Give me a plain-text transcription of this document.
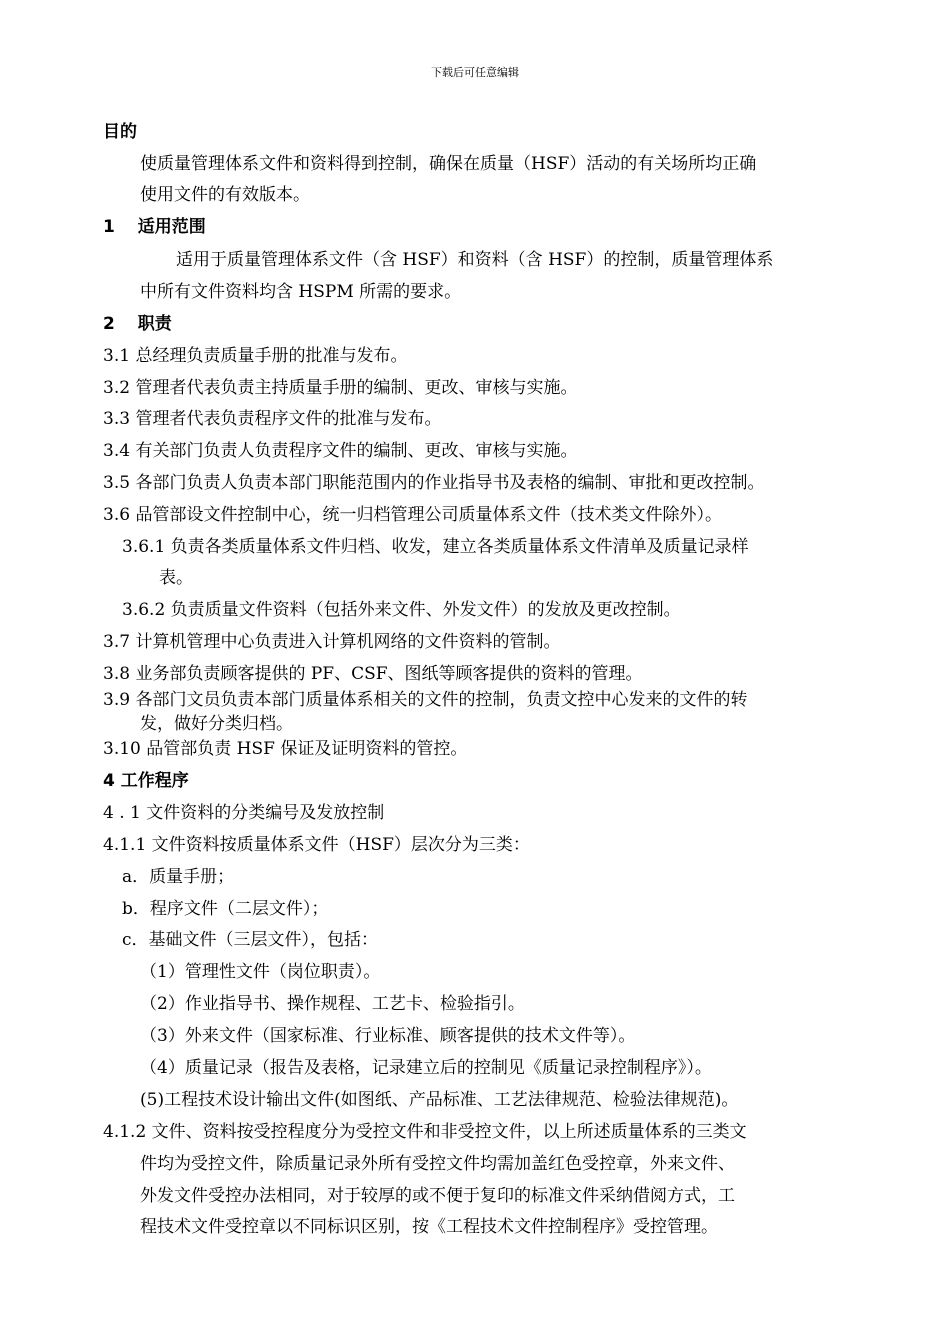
下载后可任意编辑
目的
使质量管理体系文件和资料得到控制，确保在质量（HSF）活动的有关场所均正确
使用文件的有效版本。
1　 适用范围
适用于质量管理体系文件（含 HSF）和资料（含 HSF）的控制，质量管理体系
中所有文件资料均含 HSPM 所需的要求。
2　 职责
3.1 总经理负责质量手册的批准与发布。
3.2 管理者代表负责主持质量手册的编制、更改、审核与实施。
3.3 管理者代表负责程序文件的批准与发布。
3.4 有关部门负责人负责程序文件的编制、更改、审核与实施。
3.5 各部门负责人负责本部门职能范围内的作业指导书及表格的编制、审批和更改控制。
3.6 品管部设文件控制中心，统一归档管理公司质量体系文件（技术类文件除外）。
3.6.1 负责各类质量体系文件归档、收发，建立各类质量体系文件清单及质量记录样
表。
3.6.2 负责质量文件资料（包括外来文件、外发文件）的发放及更改控制。
3.7 计算机管理中心负责进入计算机网络的文件资料的管制。
3.8 业务部负责顾客提供的 PF、CSF、图纸等顾客提供的资料的管理。
3.9 各部门文员负责本部门质量体系相关的文件的控制，负责文控中心发来的文件的转
发，做好分类归档。
3.10 品管部负责 HSF 保证及证明资料的管控。
4 工作程序
4 . 1 文件资料的分类编号及发放控制
4.1.1 文件资料按质量体系文件（HSF）层次分为三类：
a．质量手册；
b．程序文件（二层文件）；
c．基础文件（三层文件），包括：
（1）管理性文件（岗位职责）。
（2）作业指导书、操作规程、工艺卡、检验指引。
（3）外来文件（国家标准、行业标准、顾客提供的技术文件等）。
（4）质量记录（报告及表格，记录建立后的控制见《质量记录控制程序》）。
(5)工程技术设计输出文件(如图纸、产品标准、工艺法律规范、检验法律规范)。
4.1.2 文件、资料按受控程度分为受控文件和非受控文件，以上所述质量体系的三类文
件均为受控文件，除质量记录外所有受控文件均需加盖红色受控章，外来文件、
外发文件受控办法相同，对于较厚的或不便于复印的标准文件采纳借阅方式，工
程技术文件受控章以不同标识区别，按《工程技术文件控制程序》受控管理。
